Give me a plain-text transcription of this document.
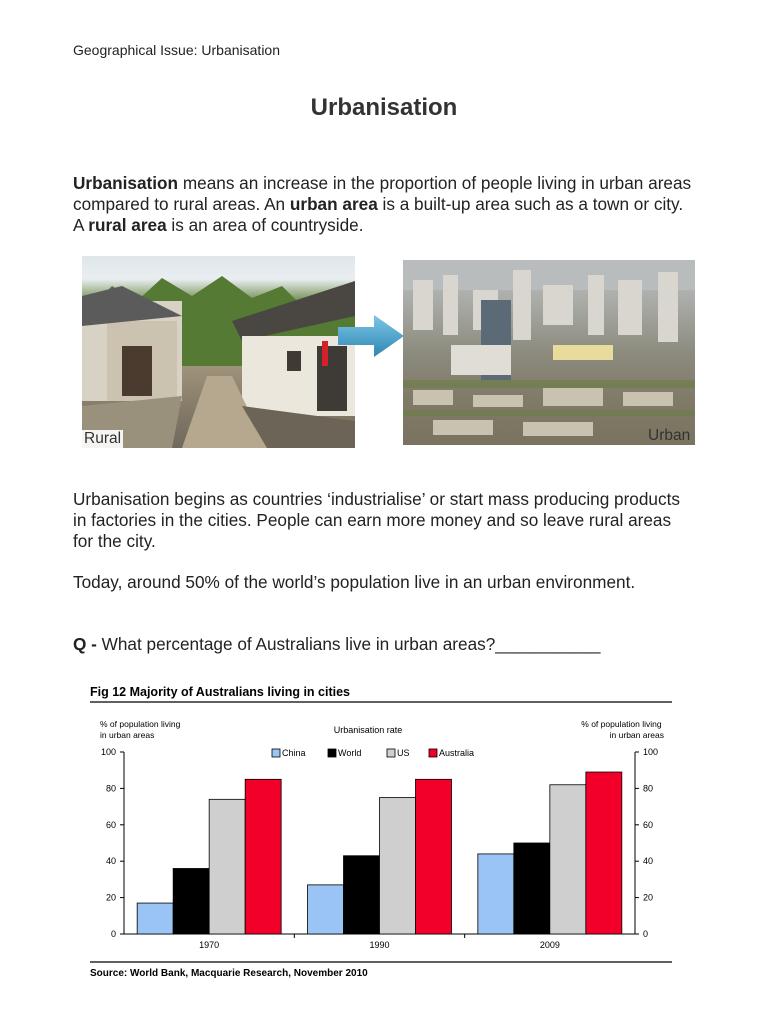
Geographical Issue: Urbanisation
Urbanisation
Urbanisation means an increase in the proportion of people living in urban areas compared to rural areas. An urban area is a built-up area such as a town or city. A rural area is an area of countryside.
Rural	Urban
Urbanisation begins as countries ‘industrialise’ or start mass producing products in factories in the cities. People can earn more money and so leave rural areas for the city.
Today, around 50% of the world’s population live in an urban environment.
Q - What percentage of Australians live in urban areas?___________
Fig 12 Majority of Australians living in cities
Urbanisation rate
% of population living in urban areas
% of population living in urban areas
China	World	US	Australia
0	0
20	20
40	40
60	60
80	80
100	100
1970	1990	2009
Source: World Bank, Macquarie Research, November 2010
